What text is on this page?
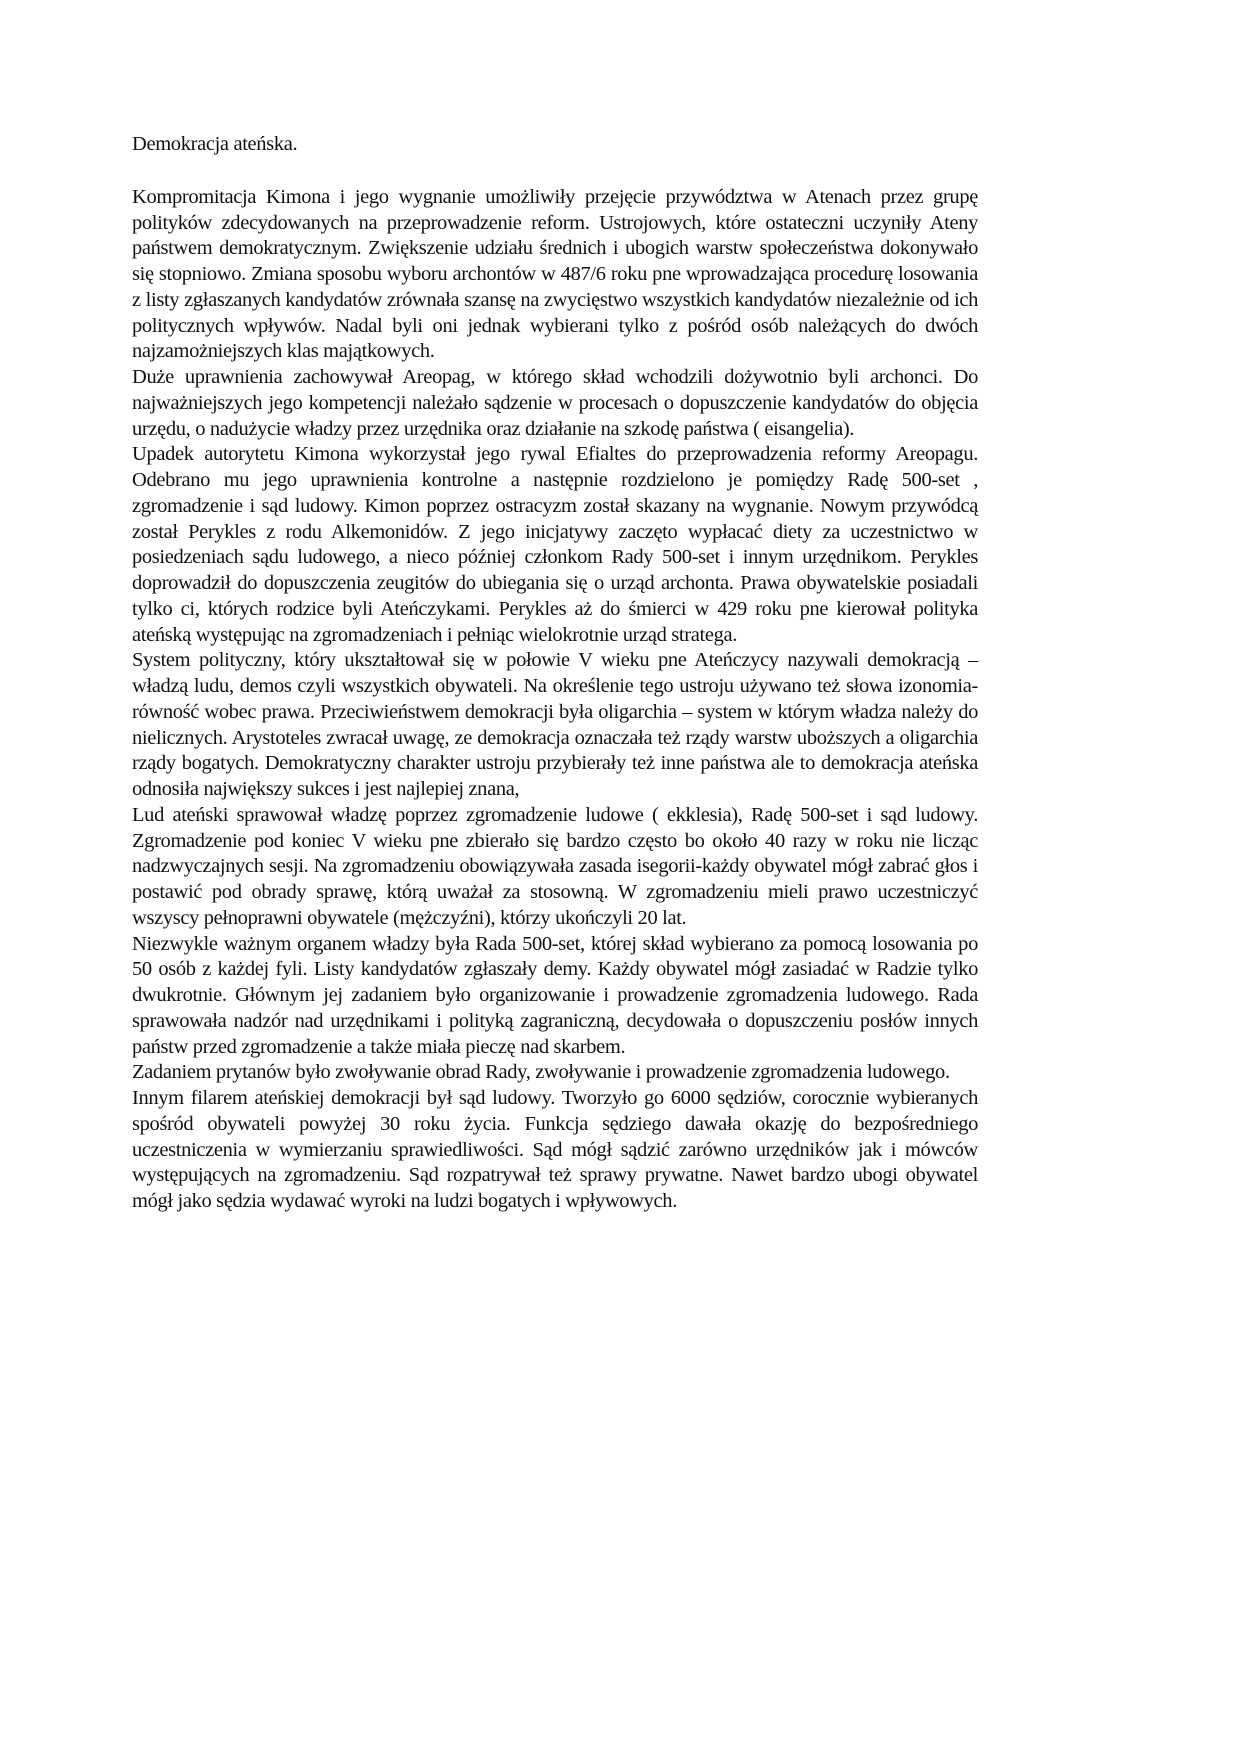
Demokracja ateńska.

Kompromitacja Kimona i jego wygnanie umożliwiły przejęcie przywództwa w Atenach przez grupę polityków zdecydowanych na przeprowadzenie reform. Ustrojowych, które ostateczni uczyniły Ateny państwem demokratycznym. Zwiększenie udziału średnich i ubogich warstw społeczeństwa dokonywało się stopniowo. Zmiana sposobu wyboru archontów w 487/6 roku pne wprowadzająca procedurę losowania z listy zgłaszanych kandydatów zrównała szansę na zwycięstwo wszystkich kandydatów niezależnie od ich politycznych wpływów. Nadal byli oni jednak wybierani tylko z pośród osób należących do dwóch najzamożniejszych klas majątkowych.

Duże uprawnienia zachowywał Areopag, w którego skład wchodzili dożywotnio byli archonci. Do najważniejszych jego kompetencji należało sądzenie w procesach o dopuszczenie kandydatów do objęcia urzędu, o nadużycie władzy przez urzędnika oraz działanie na szkodę państwa ( eisangelia).

Upadek autorytetu Kimona wykorzystał jego rywal Efialtes do przeprowadzenia reformy Areopagu. Odebrano mu jego uprawnienia kontrolne a następnie rozdzielono je pomiędzy Radę 500-set , zgromadzenie i sąd ludowy. Kimon poprzez ostracyzm został skazany na wygnanie. Nowym przywódcą został Perykles z rodu Alkemonidów. Z jego inicjatywy zaczęto wypłacać diety za uczestnictwo w posiedzeniach sądu ludowego, a nieco później członkom Rady 500-set i innym urzędnikom. Perykles doprowadził do dopuszczenia zeugitów do ubiegania się o urząd archonta. Prawa obywatelskie posiadali tylko ci, których rodzice byli Ateńczykami. Perykles aż do śmierci w 429 roku pne kierował polityka ateńską występując na zgromadzeniach i pełniąc wielokrotnie urząd stratega.

System polityczny, który ukształtował się w połowie V wieku pne Ateńczycy nazywali demokracją –władzą ludu, demos czyli wszystkich obywateli. Na określenie tego ustroju używano też słowa izonomia- równość wobec prawa. Przeciwieństwem demokracji była oligarchia – system w którym władza należy do nielicznych. Arystoteles zwracał uwagę, ze demokracja oznaczała też rządy warstw uboższych a oligarchia rządy bogatych. Demokratyczny charakter ustroju przybierały też inne państwa ale to demokracja ateńska odnosiła największy sukces i jest najlepiej znana,

Lud ateński sprawował władzę poprzez zgromadzenie ludowe ( ekklesia), Radę 500-set i sąd ludowy. Zgromadzenie pod koniec V wieku pne zbierało się bardzo często bo około 40 razy w roku nie licząc nadzwyczajnych sesji. Na zgromadzeniu obowiązywała zasada isegorii-każdy obywatel mógł zabrać głos i postawić pod obrady sprawę, którą uważał za stosowną. W zgromadzeniu mieli prawo uczestniczyć wszyscy pełnoprawni obywatele (mężczyźni), którzy ukończyli 20 lat.

Niezwykle ważnym organem władzy była Rada 500-set, której skład wybierano za pomocą losowania po 50 osób z każdej fyli. Listy kandydatów zgłaszały demy. Każdy obywatel mógł zasiadać w Radzie tylko dwukrotnie. Głównym jej zadaniem było organizowanie i prowadzenie zgromadzenia ludowego. Rada sprawowała nadzór nad urzędnikami i polityką zagraniczną, decydowała o dopuszczeniu posłów innych państw przed zgromadzenie a także miała pieczę nad skarbem.

Zadaniem prytanów było zwoływanie obrad Rady, zwoływanie i prowadzenie zgromadzenia ludowego.

Innym filarem ateńskiej demokracji był sąd ludowy. Tworzyło go 6000 sędziów, corocznie wybieranych spośród obywateli powyżej 30 roku życia. Funkcja sędziego dawała okazję do bezpośredniego uczestniczenia w wymierzaniu sprawiedliwości. Sąd mógł sądzić zarówno urzędników jak i mówców występujących na zgromadzeniu. Sąd rozpatrywał też sprawy prywatne. Nawet bardzo ubogi obywatel mógł jako sędzia wydawać wyroki na ludzi bogatych i wpływowych.
